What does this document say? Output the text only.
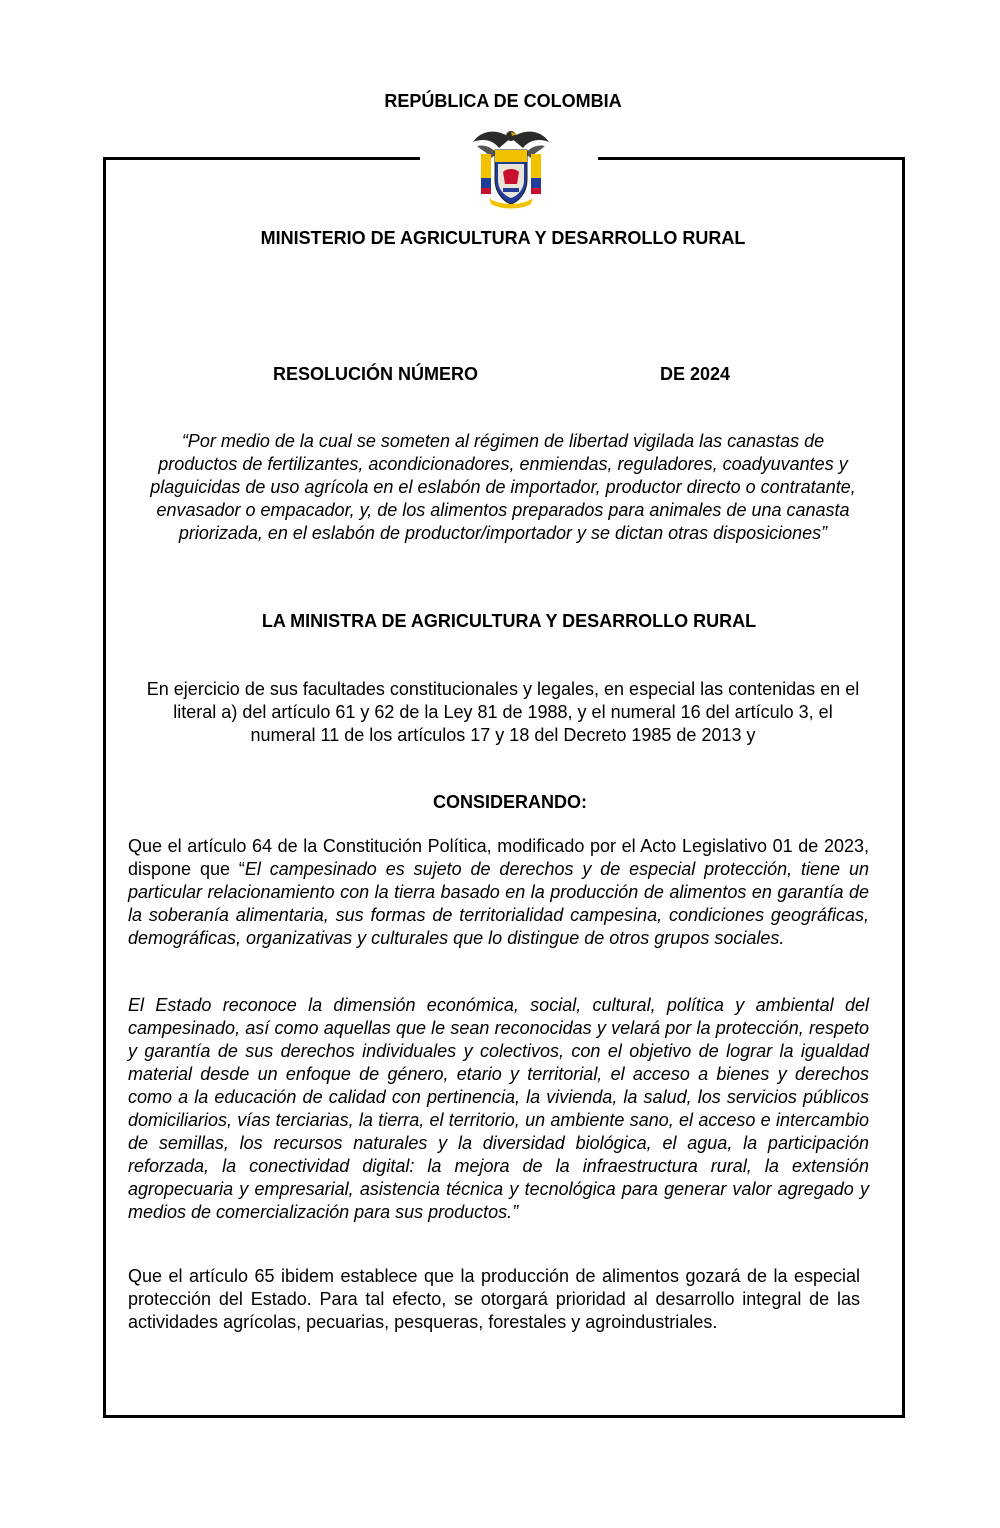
REPÚBLICA DE COLOMBIA
MINISTERIO DE AGRICULTURA Y DESARROLLO RURAL
RESOLUCIÓN NÚMERO	DE 2024
“Por medio de la cual se someten al régimen de libertad vigilada las canastas de productos de fertilizantes, acondicionadores, enmiendas, reguladores, coadyuvantes y plaguicidas de uso agrícola en el eslabón de importador, productor directo o contratante, envasador o empacador, y, de los alimentos preparados para animales de una canasta priorizada, en el eslabón de productor/importador y se dictan otras disposiciones”
LA MINISTRA DE AGRICULTURA Y DESARROLLO RURAL
En ejercicio de sus facultades constitucionales y legales, en especial las contenidas en el literal a) del artículo 61 y 62 de la Ley 81 de 1988, y el numeral 16 del artículo 3, el numeral 11 de los artículos 17 y 18 del Decreto 1985 de 2013 y
CONSIDERANDO:
Que el artículo 64 de la Constitución Política, modificado por el Acto Legislativo 01 de 2023, dispone que “El campesinado es sujeto de derechos y de especial protección, tiene un particular relacionamiento con la tierra basado en la producción de alimentos en garantía de la soberanía alimentaria, sus formas de territorialidad campesina, condiciones geográficas, demográficas, organizativas y culturales que lo distingue de otros grupos sociales.
El Estado reconoce la dimensión económica, social, cultural, política y ambiental del campesinado, así como aquellas que le sean reconocidas y velará por la protección, respeto y garantía de sus derechos individuales y colectivos, con el objetivo de lograr la igualdad material desde un enfoque de género, etario y territorial, el acceso a bienes y derechos como a la educación de calidad con pertinencia, la vivienda, la salud, los servicios públicos domiciliarios, vías terciarias, la tierra, el territorio, un ambiente sano, el acceso e intercambio de semillas, los recursos naturales y la diversidad biológica, el agua, la participación reforzada, la conectividad digital: la mejora de la infraestructura rural, la extensión agropecuaria y empresarial, asistencia técnica y tecnológica para generar valor agregado y medios de comercialización para sus productos.”
Que el artículo 65 ibidem establece que la producción de alimentos gozará de la especial protección del Estado. Para tal efecto, se otorgará prioridad al desarrollo integral de las actividades agrícolas, pecuarias, pesqueras, forestales y agroindustriales.
